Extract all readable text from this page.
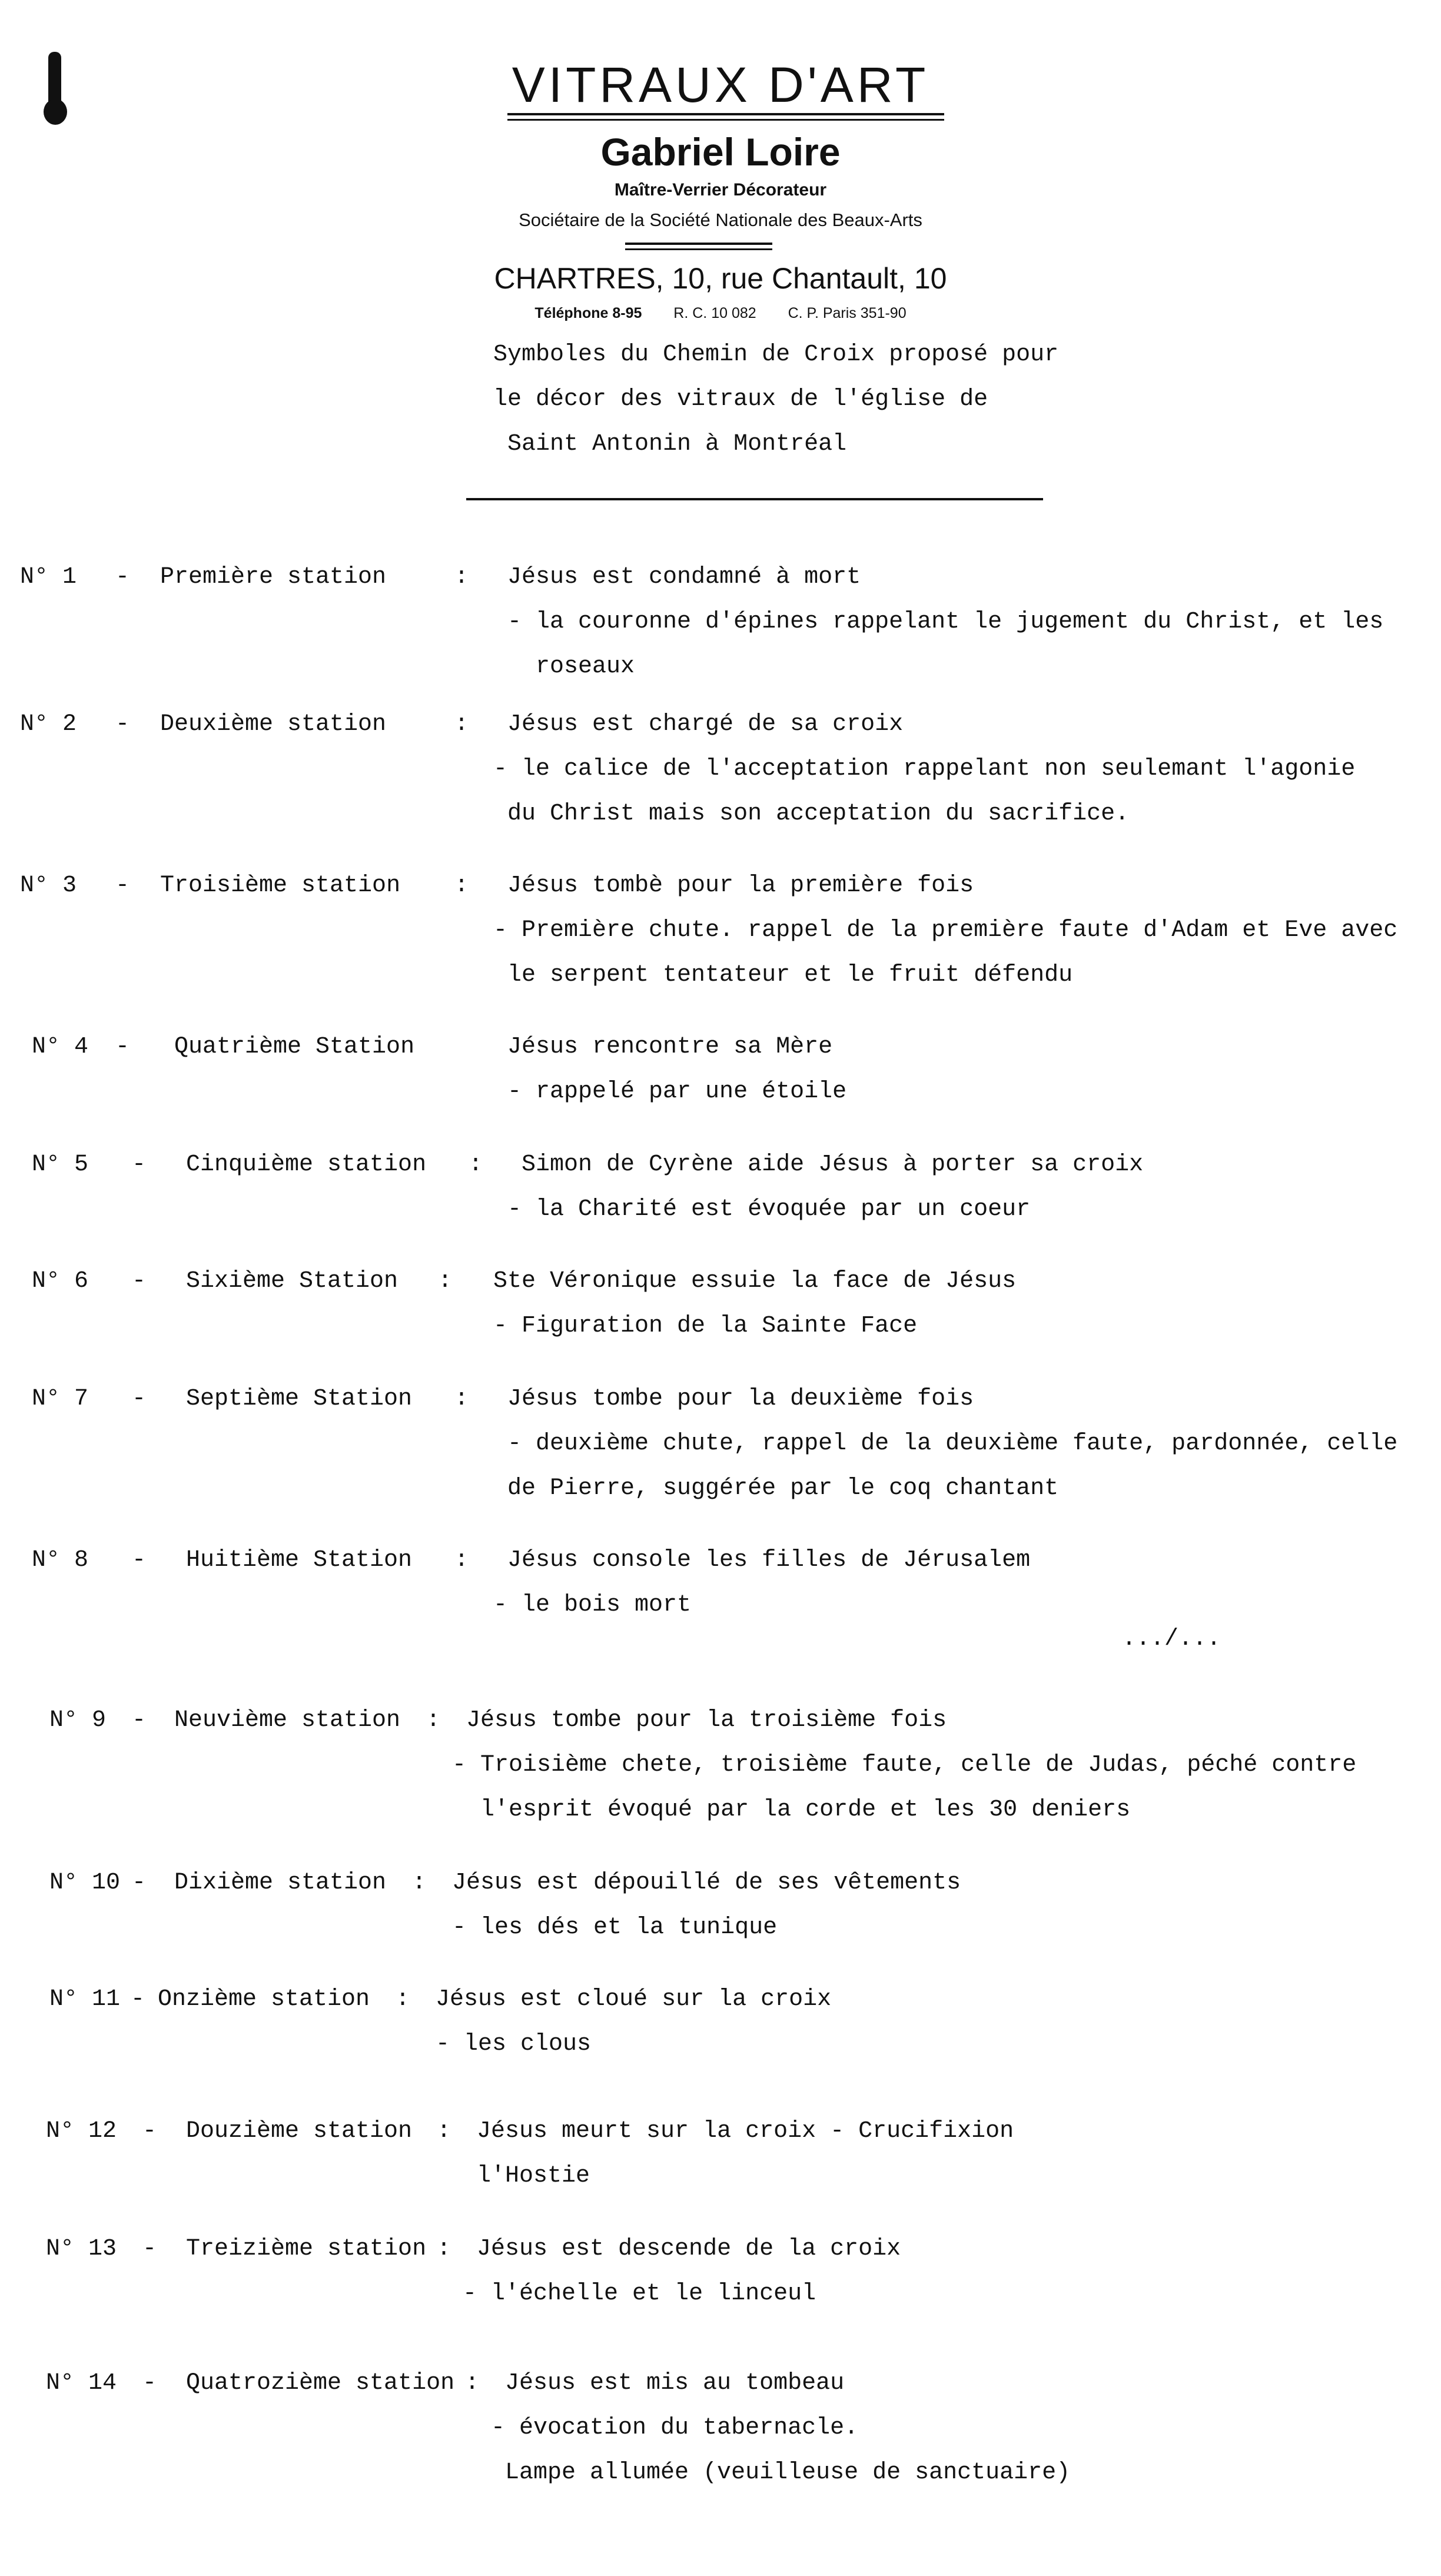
VITRAUX D'ART
Gabriel Loire
Maître-Verrier Décorateur
Sociétaire de la Société Nationale des Beaux-Arts
CHARTRES, 10, rue Chantault, 10
Téléphone 8-95 R. C. 10 082 C. P. Paris 351-90
Symboles du Chemin de Croix proposé pour
le décor des vitraux de l'église de
Saint Antonin à Montréal
N° 1 - Première station	: Jésus est condamné à mort
- la couronne d'épines rappelant le jugement du Christ, et les
roseaux
N° 2 - Deuxième station	: Jésus est chargé de sa croix
- le calice de l'acceptation rappelant non seulemant l'agonie
du Christ mais son acceptation du sacrifice.
N° 3 - Troisième station : Jésus tombè pour la première fois
- Première chute. rappel de la première faute d'Adam et Eve avec
le serpent tentateur et le fruit défendu
N° 4 - Quatrième Station	Jésus rencontre sa Mère
- rappelé par une étoile
N° 5 - Cinquième station : Simon de Cyrène aide Jésus à porter sa croix
- la Charité est évoquée par un coeur
N° 6 - Sixième Station : Ste Véronique essuie la face de Jésus
- Figuration de la Sainte Face
N° 7 - Septième Station : Jésus tombe pour la deuxième fois
- deuxième chute, rappel de la deuxième faute, pardonnée, celle
de Pierre, suggérée par le coq chantant
N° 8 - Huitième Station : Jésus console les filles de Jérusalem
- le bois mort
.../...
N° 9 - Neuvième station : Jésus tombe pour la troisième fois
- Troisième chete, troisième faute, celle de Judas, péché contre
l'esprit évoqué par la corde et les 30 deniers
N° 10 - Dixième station : Jésus est dépouillé de ses vêtements
- les dés et la tunique
N° 11 - Onzième station : Jésus est cloué sur la croix
- les clous
N° 12 - Douzième station : Jésus meurt sur la croix - Crucifixion
l'Hostie
N° 13 - Treizième station : Jésus est descende de la croix
- l'échelle et le linceul
N° 14 - Quatrozième station : Jésus est mis au tombeau
- évocation du tabernacle.
Lampe allumée (veuilleuse de sanctuaire)
